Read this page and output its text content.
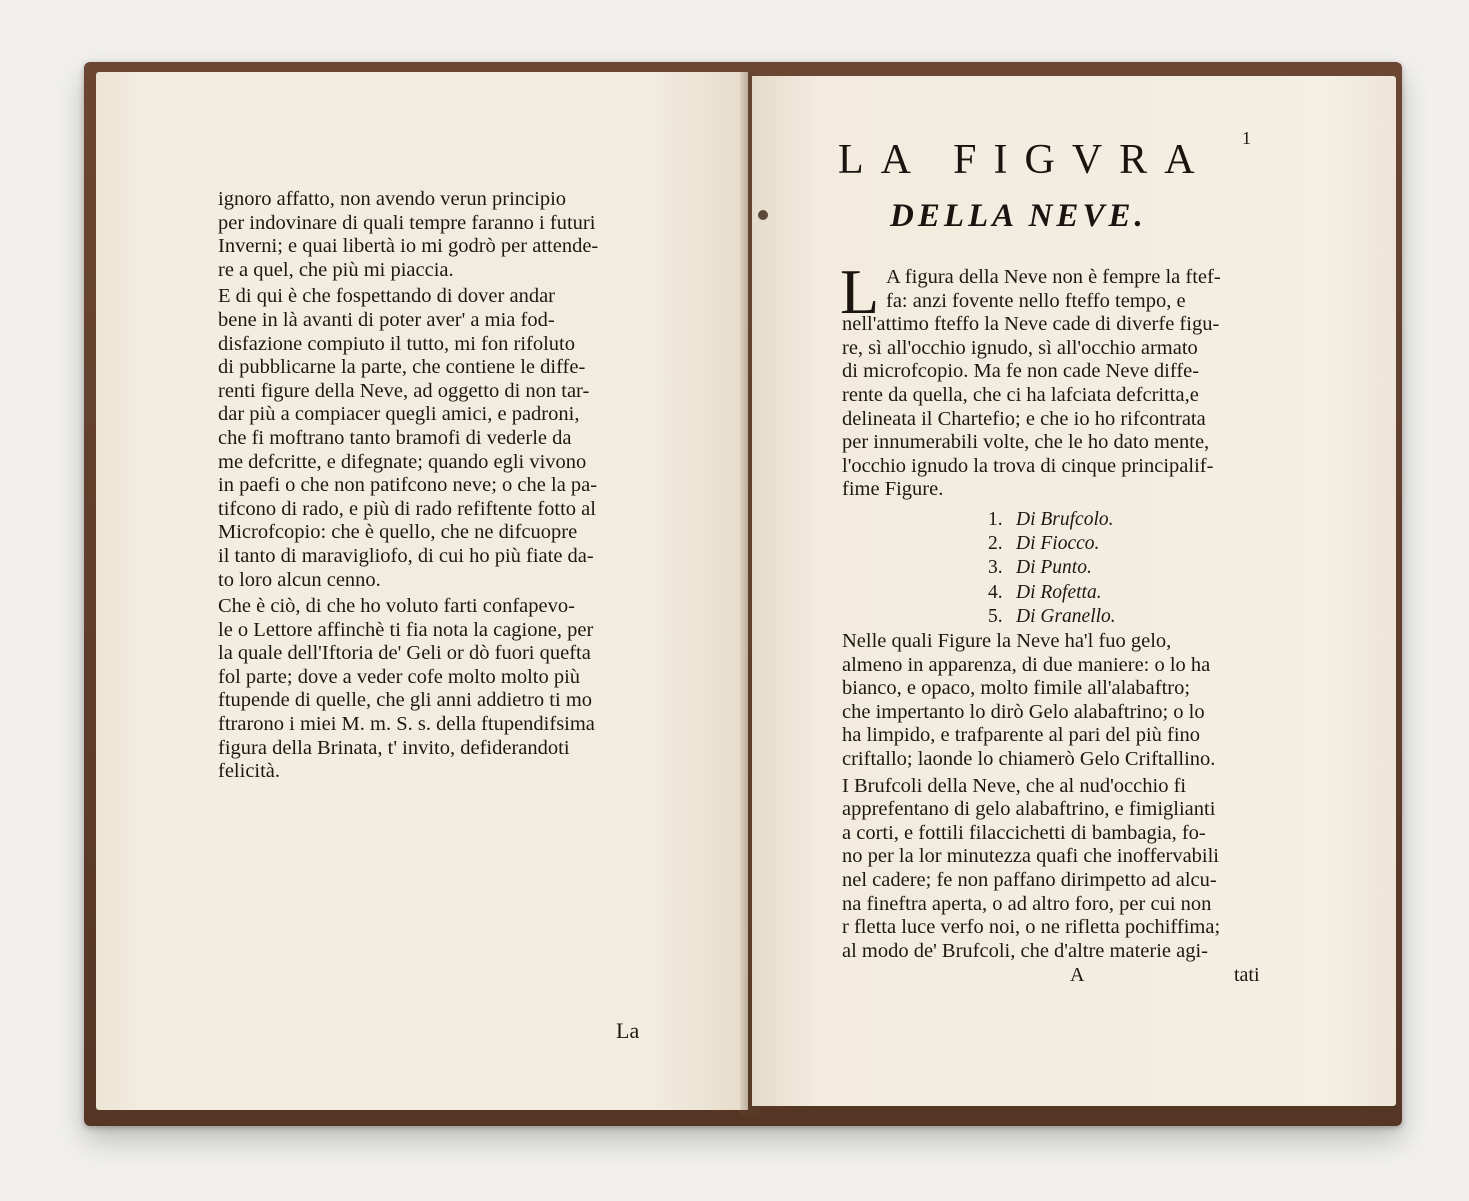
ignoro affatto, non avendo verun principio
per indovinare di quali tempre faranno i futuri
Inverni; e quai libertà io mi godrò per attende-
re a quel, che più mi piaccia.
E di qui è che fospettando di dover andar
bene in là avanti di poter aver' a mia fod-
disfazione compiuto il tutto, mi fon rifoluto
di pubblicarne la parte, che contiene le diffe-
renti figure della Neve, ad oggetto di non tar-
dar più a compiacer quegli amici, e padroni,
che fi moftrano tanto bramofi di vederle da
me defcritte, e difegnate; quando egli vivono
in paefi o che non patifcono neve; o che la pa-
tifcono di rado, e più di rado refiftente fotto al
Microfcopio: che è quello, che ne difcuopre
il tanto di maravigliofo, di cui ho più fiate da-
to loro alcun cenno.
Che è ciò, di che ho voluto farti confapevo-
le o Lettore affinchè ti fia nota la cagione, per
la quale dell'Iftoria de' Geli or dò fuori quefta
fol parte; dove a veder cofe molto molto più
ftupende di quelle, che gli anni addietro ti mo
ftrarono i miei M. m. S. s. della ftupendifsima
figura della Brinata, t' invito, defiderandoti
felicità.
La
1
LA FIGVRA
DELLA NEVE.
L A figura della Neve non è fempre la ftef-
fa: anzi fovente nello fteffo tempo, e
nell'attimo fteffo la Neve cade di diverfe figu-
re, sì all'occhio ignudo, sì all'occhio armato
di microfcopio. Ma fe non cade Neve diffe-
rente da quella, che ci ha lafciata defcritta,e
delineata il Chartefio; e che io ho rifcontrata
per innumerabili volte, che le ho dato mente,
l'occhio ignudo la trova di cinque principalif-
fime Figure.
1. Di Brufcolo.
2. Di Fiocco.
3. Di Punto.
4. Di Rofetta.
5. Di Granello.
Nelle quali Figure la Neve ha'l fuo gelo,
almeno in apparenza, di due maniere: o lo ha
bianco, e opaco, molto fimile all'alabaftro;
che impertanto lo dirò Gelo alabaftrino; o lo
ha limpido, e trafparente al pari del più fino
criftallo; laonde lo chiamerò Gelo Criftallino.
I Brufcoli della Neve, che al nud'occhio fi
apprefentano di gelo alabaftrino, e fimiglianti
a corti, e fottili filaccichetti di bambagia, fo-
no per la lor minutezza quafi che inoffervabili
nel cadere; fe non paffano dirimpetto ad alcu-
na fineftra aperta, o ad altro foro, per cui non
r fletta luce verfo noi, o ne rifletta pochiffima;
al modo de' Brufcoli, che d'altre materie agi-
A	tati
